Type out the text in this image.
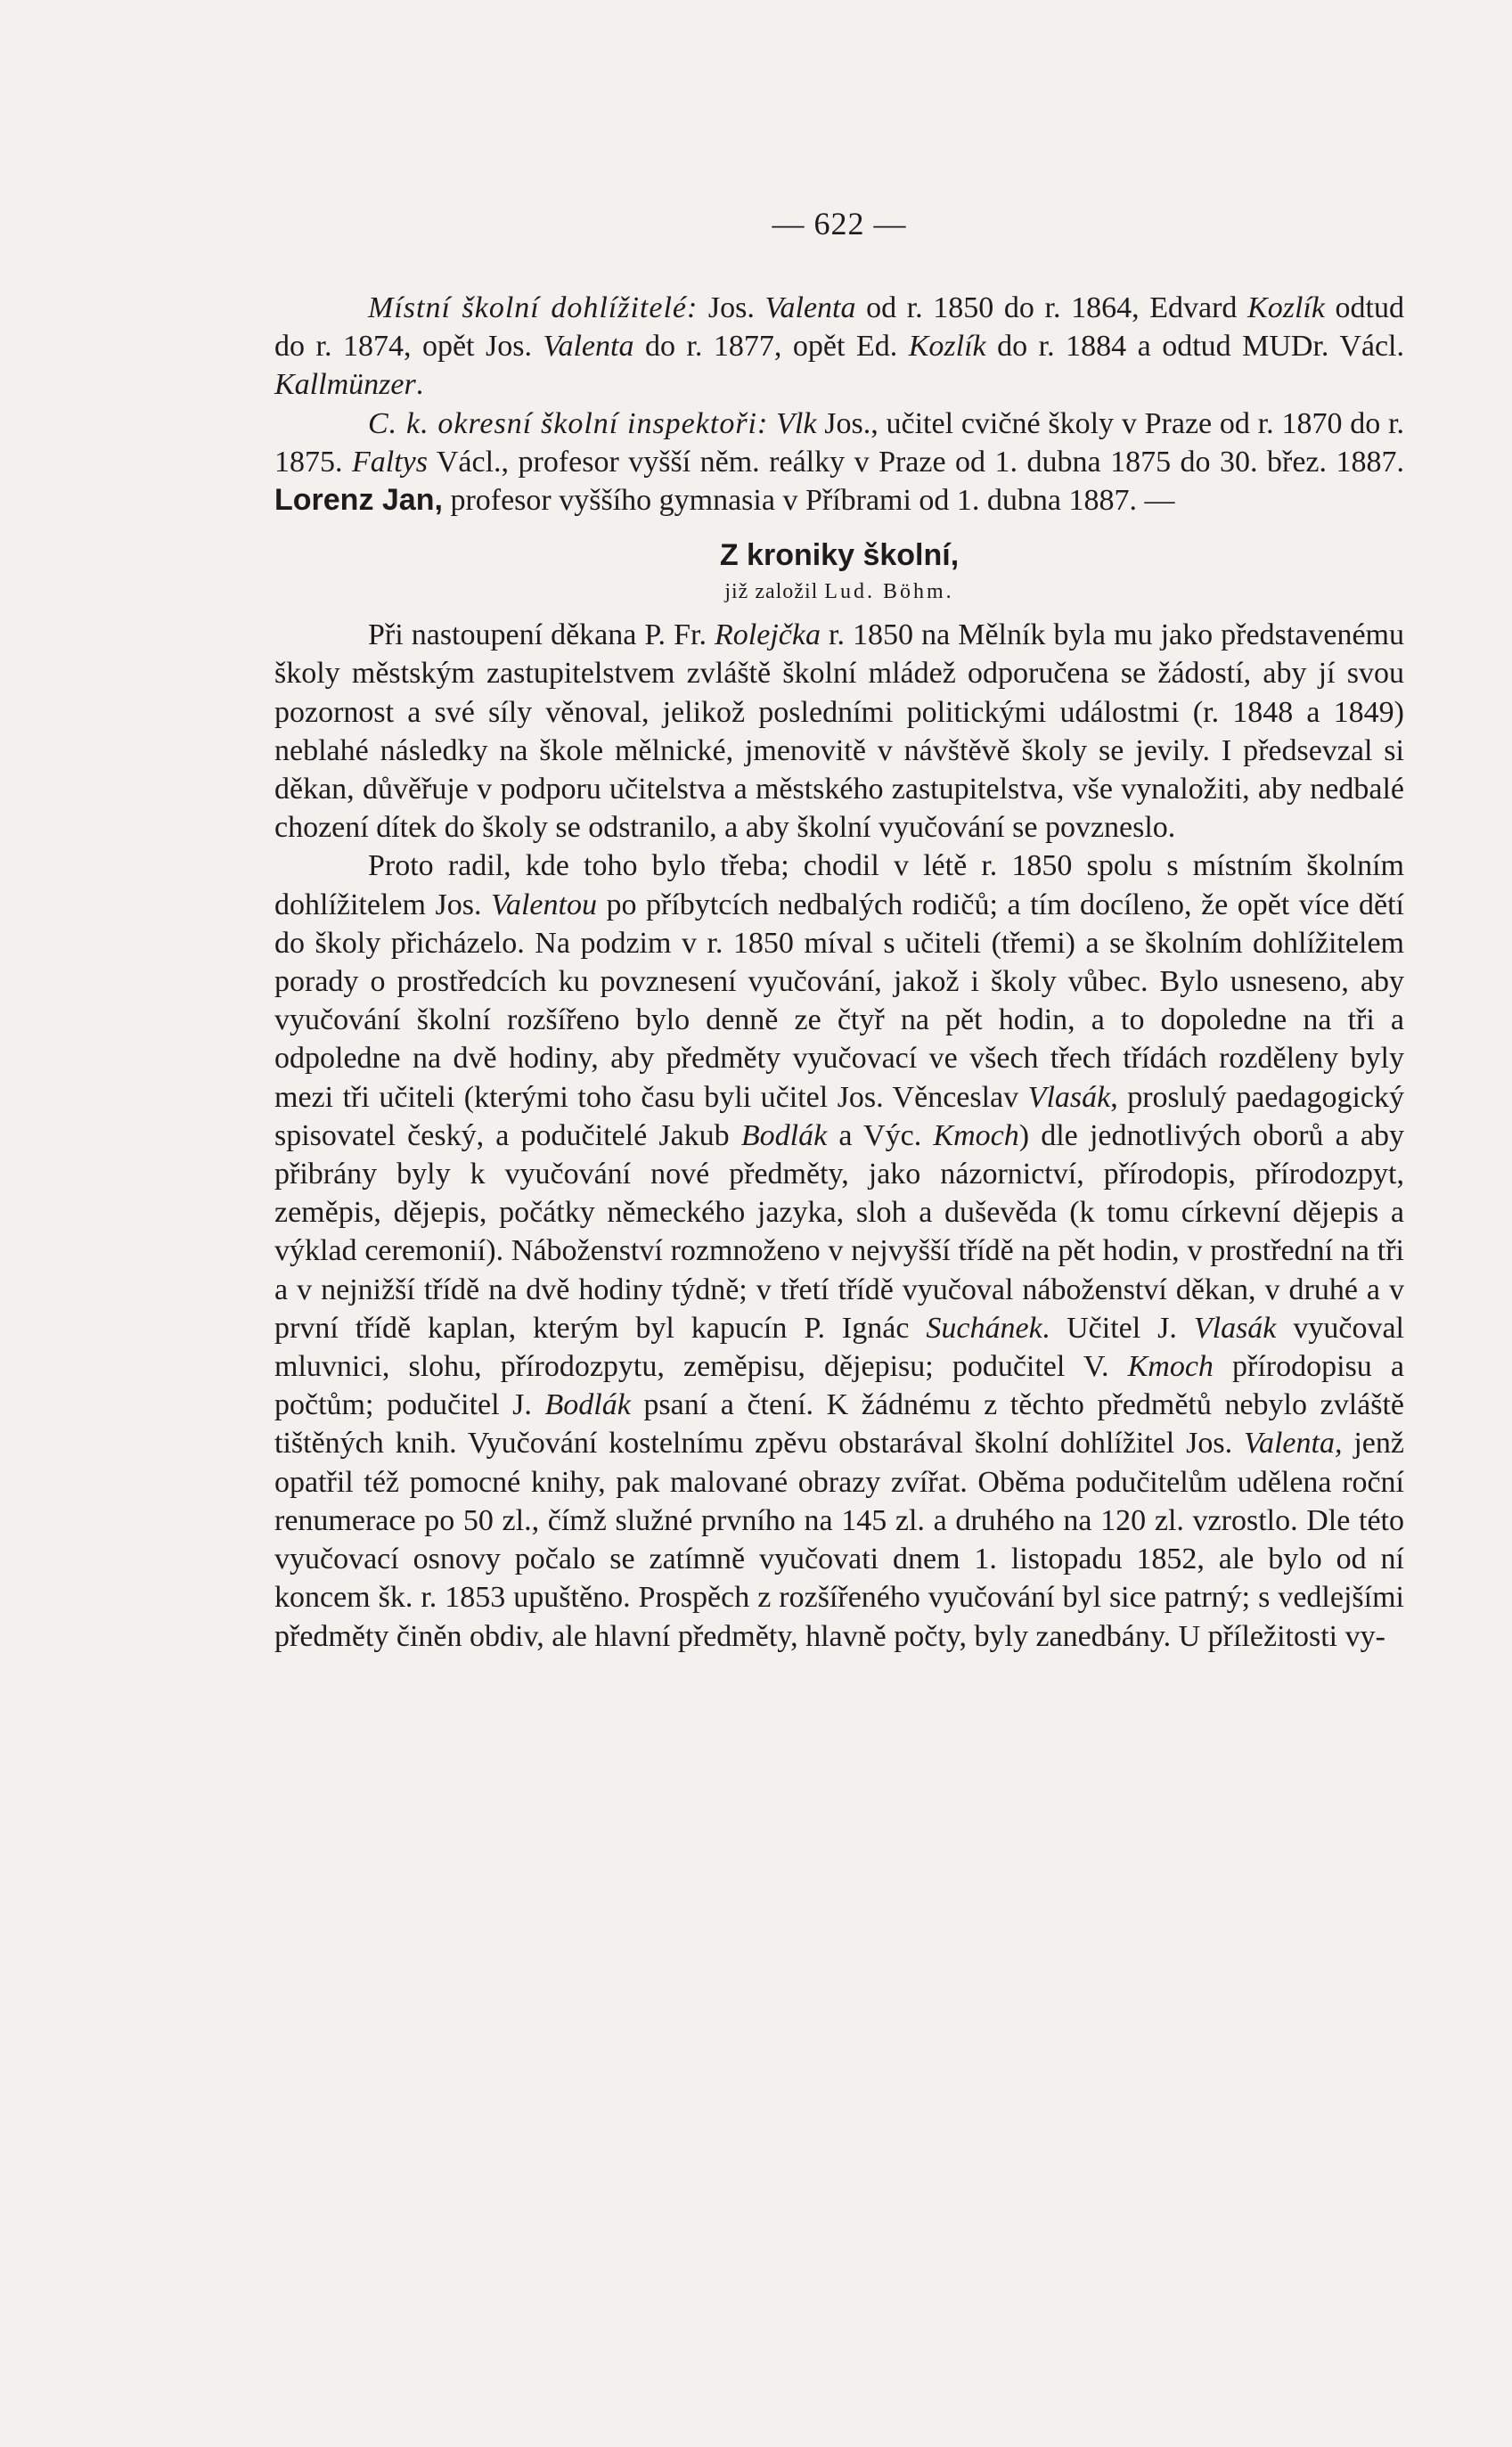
— 622 —

Místní školní dohlížitelé: Jos. Valenta od r. 1850 do r. 1864, Edvard Kozlík odtud do r. 1874, opět Jos. Valenta do r. 1877, opět Ed. Kozlík do r. 1884 a odtud MUDr. Václ. Kallmünzer.

C. k. okresní školní inspektoři: Vlk Jos., učitel cvičné školy v Praze od r. 1870 do r. 1875. Faltys Václ., profesor vyšší něm. reálky v Praze od 1. dubna 1875 do 30. břez. 1887. Lorenz Jan, profesor vyššího gymnasia v Příbrami od 1. dubna 1887. —

Z kroniky školní,
již založil Lud. Böhm.

Při nastoupení děkana P. Fr. Rolejčka r. 1850 na Mělník byla mu jako představenému školy městským zastupitelstvem zvláště školní mládež odporučena se žádostí, aby jí svou pozornost a své síly věnoval, jelikož posledními politickými událostmi (r. 1848 a 1849) neblahé následky na škole mělnické, jmenovitě v návštěvě školy se jevily. I předsevzal si děkan, důvěřuje v podporu učitelstva a městského zastupitelstva, vše vynaložiti, aby nedbalé chození dítek do školy se odstranilo, a aby školní vyučování se povzneslo.

Proto radil, kde toho bylo třeba; chodil v létě r. 1850 spolu s místním školním dohlížitelem Jos. Valentou po příbytcích nedbalých rodičů; a tím docíleno, že opět více dětí do školy přicházelo. Na podzim v r. 1850 míval s učiteli (třemi) a se školním dohlížitelem porady o prostředcích ku povznesení vyučování, jakož i školy vůbec. Bylo usneseno, aby vyučování školní rozšířeno bylo denně ze čtyř na pět hodin, a to dopoledne na tři a odpoledne na dvě hodiny, aby předměty vyučovací ve všech třech třídách rozděleny byly mezi tři učiteli (kterými toho času byli učitel Jos. Věnceslav Vlasák, proslulý paedagogický spisovatel český, a podučitelé Jakub Bodlák a Výc. Kmoch) dle jednotlivých oborů a aby přibrány byly k vyučování nové předměty, jako názornictví, přírodopis, přírodozpyt, zeměpis, dějepis, počátky německého jazyka, sloh a duševěda (k tomu církevní dějepis a výklad ceremonií). Náboženství rozmnoženo v nejvyšší třídě na pět hodin, v prostřední na tři a v nejnižší třídě na dvě hodiny týdně; v třetí třídě vyučoval náboženství děkan, v druhé a v první třídě kaplan, kterým byl kapucín P. Ignác Suchánek. Učitel J. Vlasák vyučoval mluvnici, slohu, přírodozpytu, zeměpisu, dějepisu; podučitel V. Kmoch přírodopisu a počtům; podučitel J. Bodlák psaní a čtení. K žádnému z těchto předmětů nebylo zvláště tištěných knih. Vyučování kostelnímu zpěvu obstarával školní dohlížitel Jos. Valenta, jenž opatřil též pomocné knihy, pak malované obrazy zvířat. Oběma podučitelům udělena roční renumerace po 50 zl., čímž služné prvního na 145 zl. a druhého na 120 zl. vzrostlo. Dle této vyučovací osnovy počalo se zatímně vyučovati dnem 1. listopadu 1852, ale bylo od ní koncem šk. r. 1853 upuštěno. Prospěch z rozšířeného vyučování byl sice patrný; s vedlejšími předměty činěn obdiv, ale hlavní předměty, hlavně počty, byly zanedbány. U příležitosti vy-
